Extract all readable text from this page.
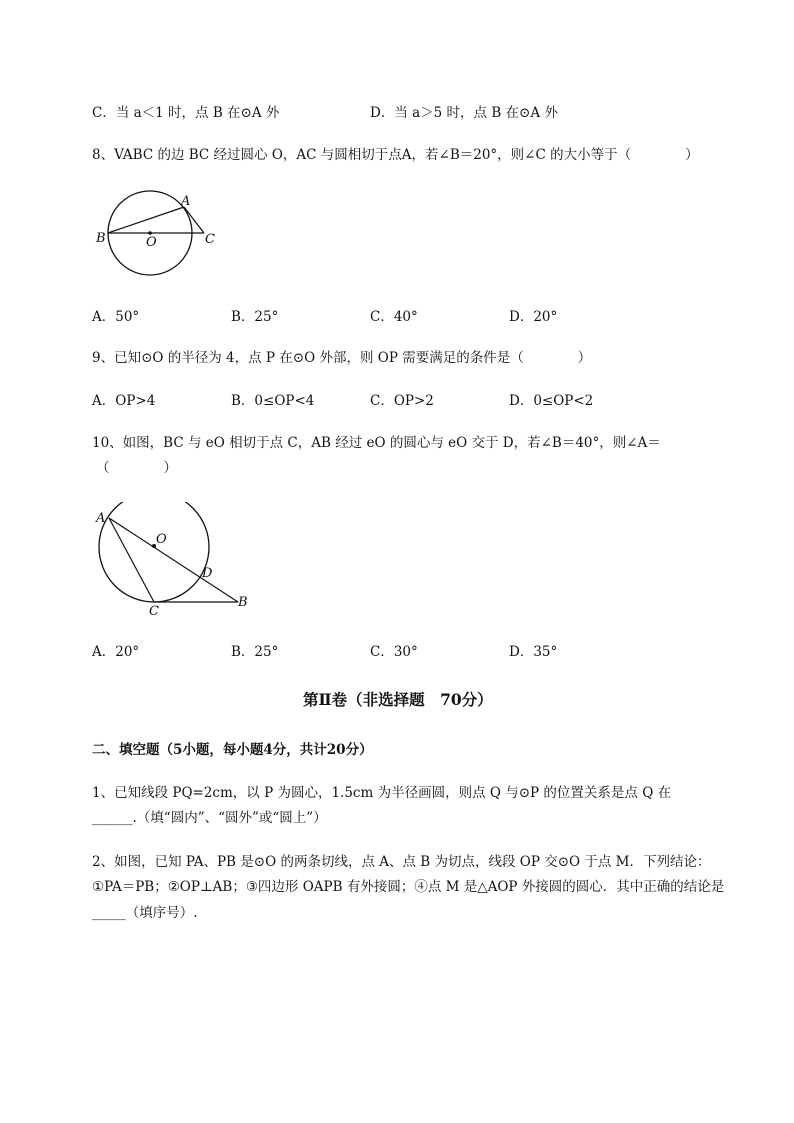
C．当 a＜1 时，点 B 在⊙A 外	D．当 a＞5 时，点 B 在⊙A 外
8、VABC 的边 BC 经过圆心 O，AC 与圆相切于点A，若∠B＝20°，则∠C 的大小等于（　　　　）
A
B	O	C
A．50°	B．25°	C．40°	D．20°
9、已知⊙O 的半径为 4，点 P 在⊙O 外部，则 OP 需要满足的条件是（　　　　）
A．OP>4	B．0≤OP<4	C．OP>2	D．0≤OP<2
10、如图，BC 与 eO 相切于点 C，AB 经过 eO 的圆心与 eO 交于 D，若∠B＝40°，则∠A＝
（　　　　）
A
O
D
C
B
A．20°	B．25°	C．30°	D．35°
第Ⅱ卷（非选择题　70分）
二、填空题（5小题，每小题4分，共计20分）
1、已知线段 PQ=2cm，以 P 为圆心，1.5cm 为半径画圆，则点 Q 与⊙P 的位置关系是点 Q 在
______.（填“圆内”、“圆外”或“圆上”）
2、如图，已知 PA、PB 是⊙O 的两条切线，点 A、点 B 为切点，线段 OP 交⊙O 于点 M．下列结论：
①PA＝PB；②OP⊥AB；③四边形 OAPB 有外接圆；④点 M 是△AOP 外接圆的圆心．其中正确的结论是
_____（填序号）.
